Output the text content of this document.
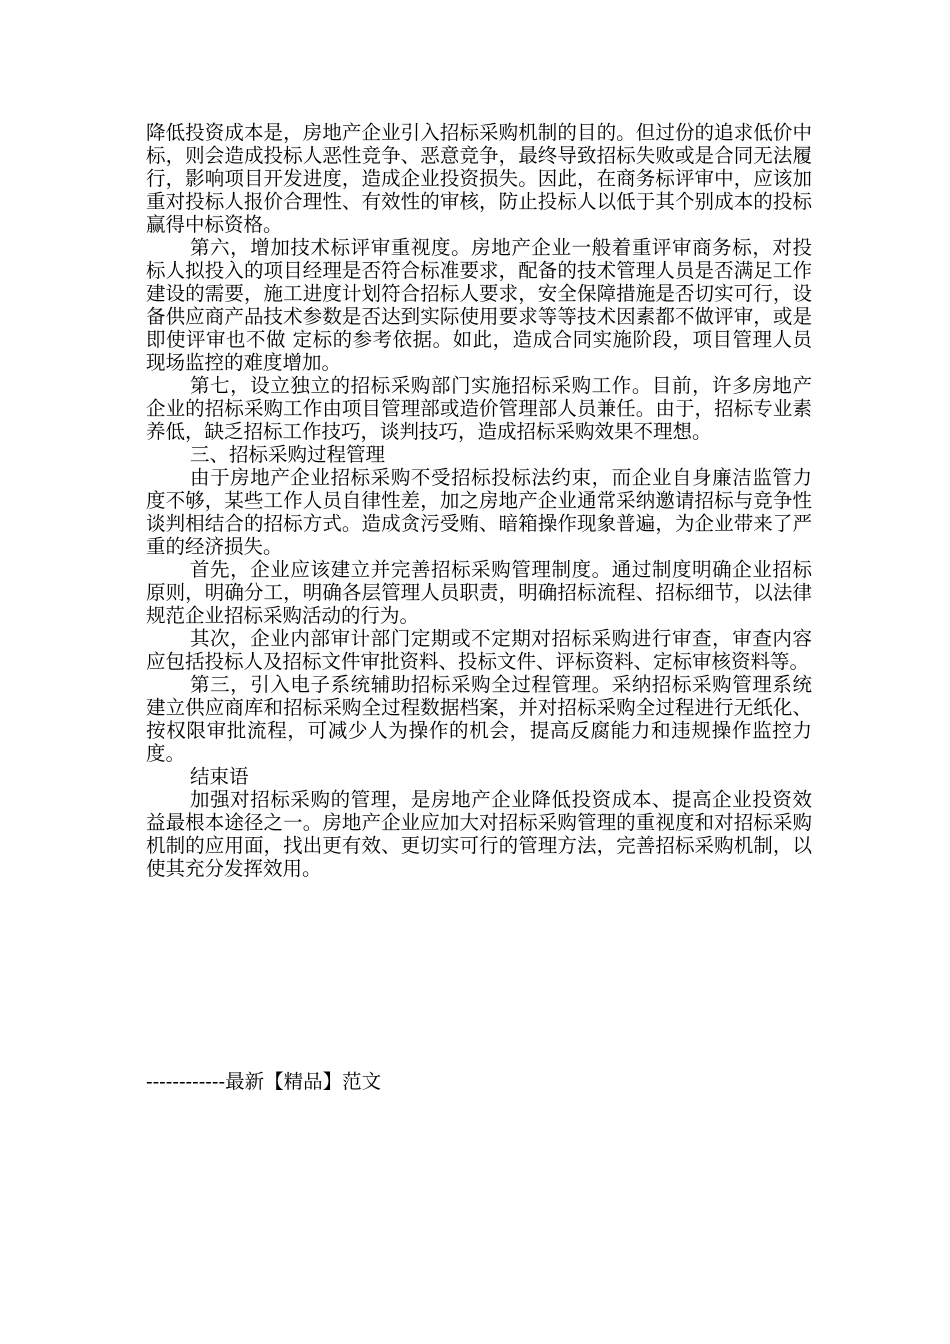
降低投资成本是，房地产企业引入招标采购机制的目的。但过份的追求低价中标，则会造成投标人恶性竞争、恶意竞争，最终导致招标失败或是合同无法履行，影响项目开发进度，造成企业投资损失。因此，在商务标评审中，应该加重对投标人报价合理性、有效性的审核，防止投标人以低于其个别成本的投标赢得中标资格。

第六，增加技术标评审重视度。房地产企业一般着重评审商务标，对投标人拟投入的项目经理是否符合标准要求，配备的技术管理人员是否满足工作建设的需要，施工进度计划符合招标人要求，安全保障措施是否切实可行，设备供应商产品技术参数是否达到实际使用要求等等技术因素都不做评审，或是即使评审也不做 定标的参考依据。如此，造成合同实施阶段，项目管理人员现场监控的难度增加。

第七，设立独立的招标采购部门实施招标采购工作。目前，许多房地产企业的招标采购工作由项目管理部或造价管理部人员兼任。由于，招标专业素养低，缺乏招标工作技巧，谈判技巧，造成招标采购效果不理想。

三、招标采购过程管理

由于房地产企业招标采购不受招标投标法约束，而企业自身廉洁监管力度不够，某些工作人员自律性差，加之房地产企业通常采纳邀请招标与竞争性谈判相结合的招标方式。造成贪污受贿、暗箱操作现象普遍，为企业带来了严重的经济损失。

首先，企业应该建立并完善招标采购管理制度。通过制度明确企业招标原则，明确分工，明确各层管理人员职责，明确招标流程、招标细节，以法律规范企业招标采购活动的行为。

其次，企业内部审计部门定期或不定期对招标采购进行审查，审查内容应包括投标人及招标文件审批资料、投标文件、评标资料、定标审核资料等。

第三，引入电子系统辅助招标采购全过程管理。采纳招标采购管理系统建立供应商库和招标采购全过程数据档案，并对招标采购全过程进行无纸化、按权限审批流程，可减少人为操作的机会，提高反腐能力和违规操作监控力度。

结束语

加强对招标采购的管理，是房地产企业降低投资成本、提高企业投资效益最根本途径之一。房地产企业应加大对招标采购管理的重视度和对招标采购机制的应用面，找出更有效、更切实可行的管理方法，完善招标采购机制，以使其充分发挥效用。

------------最新【精品】范文
